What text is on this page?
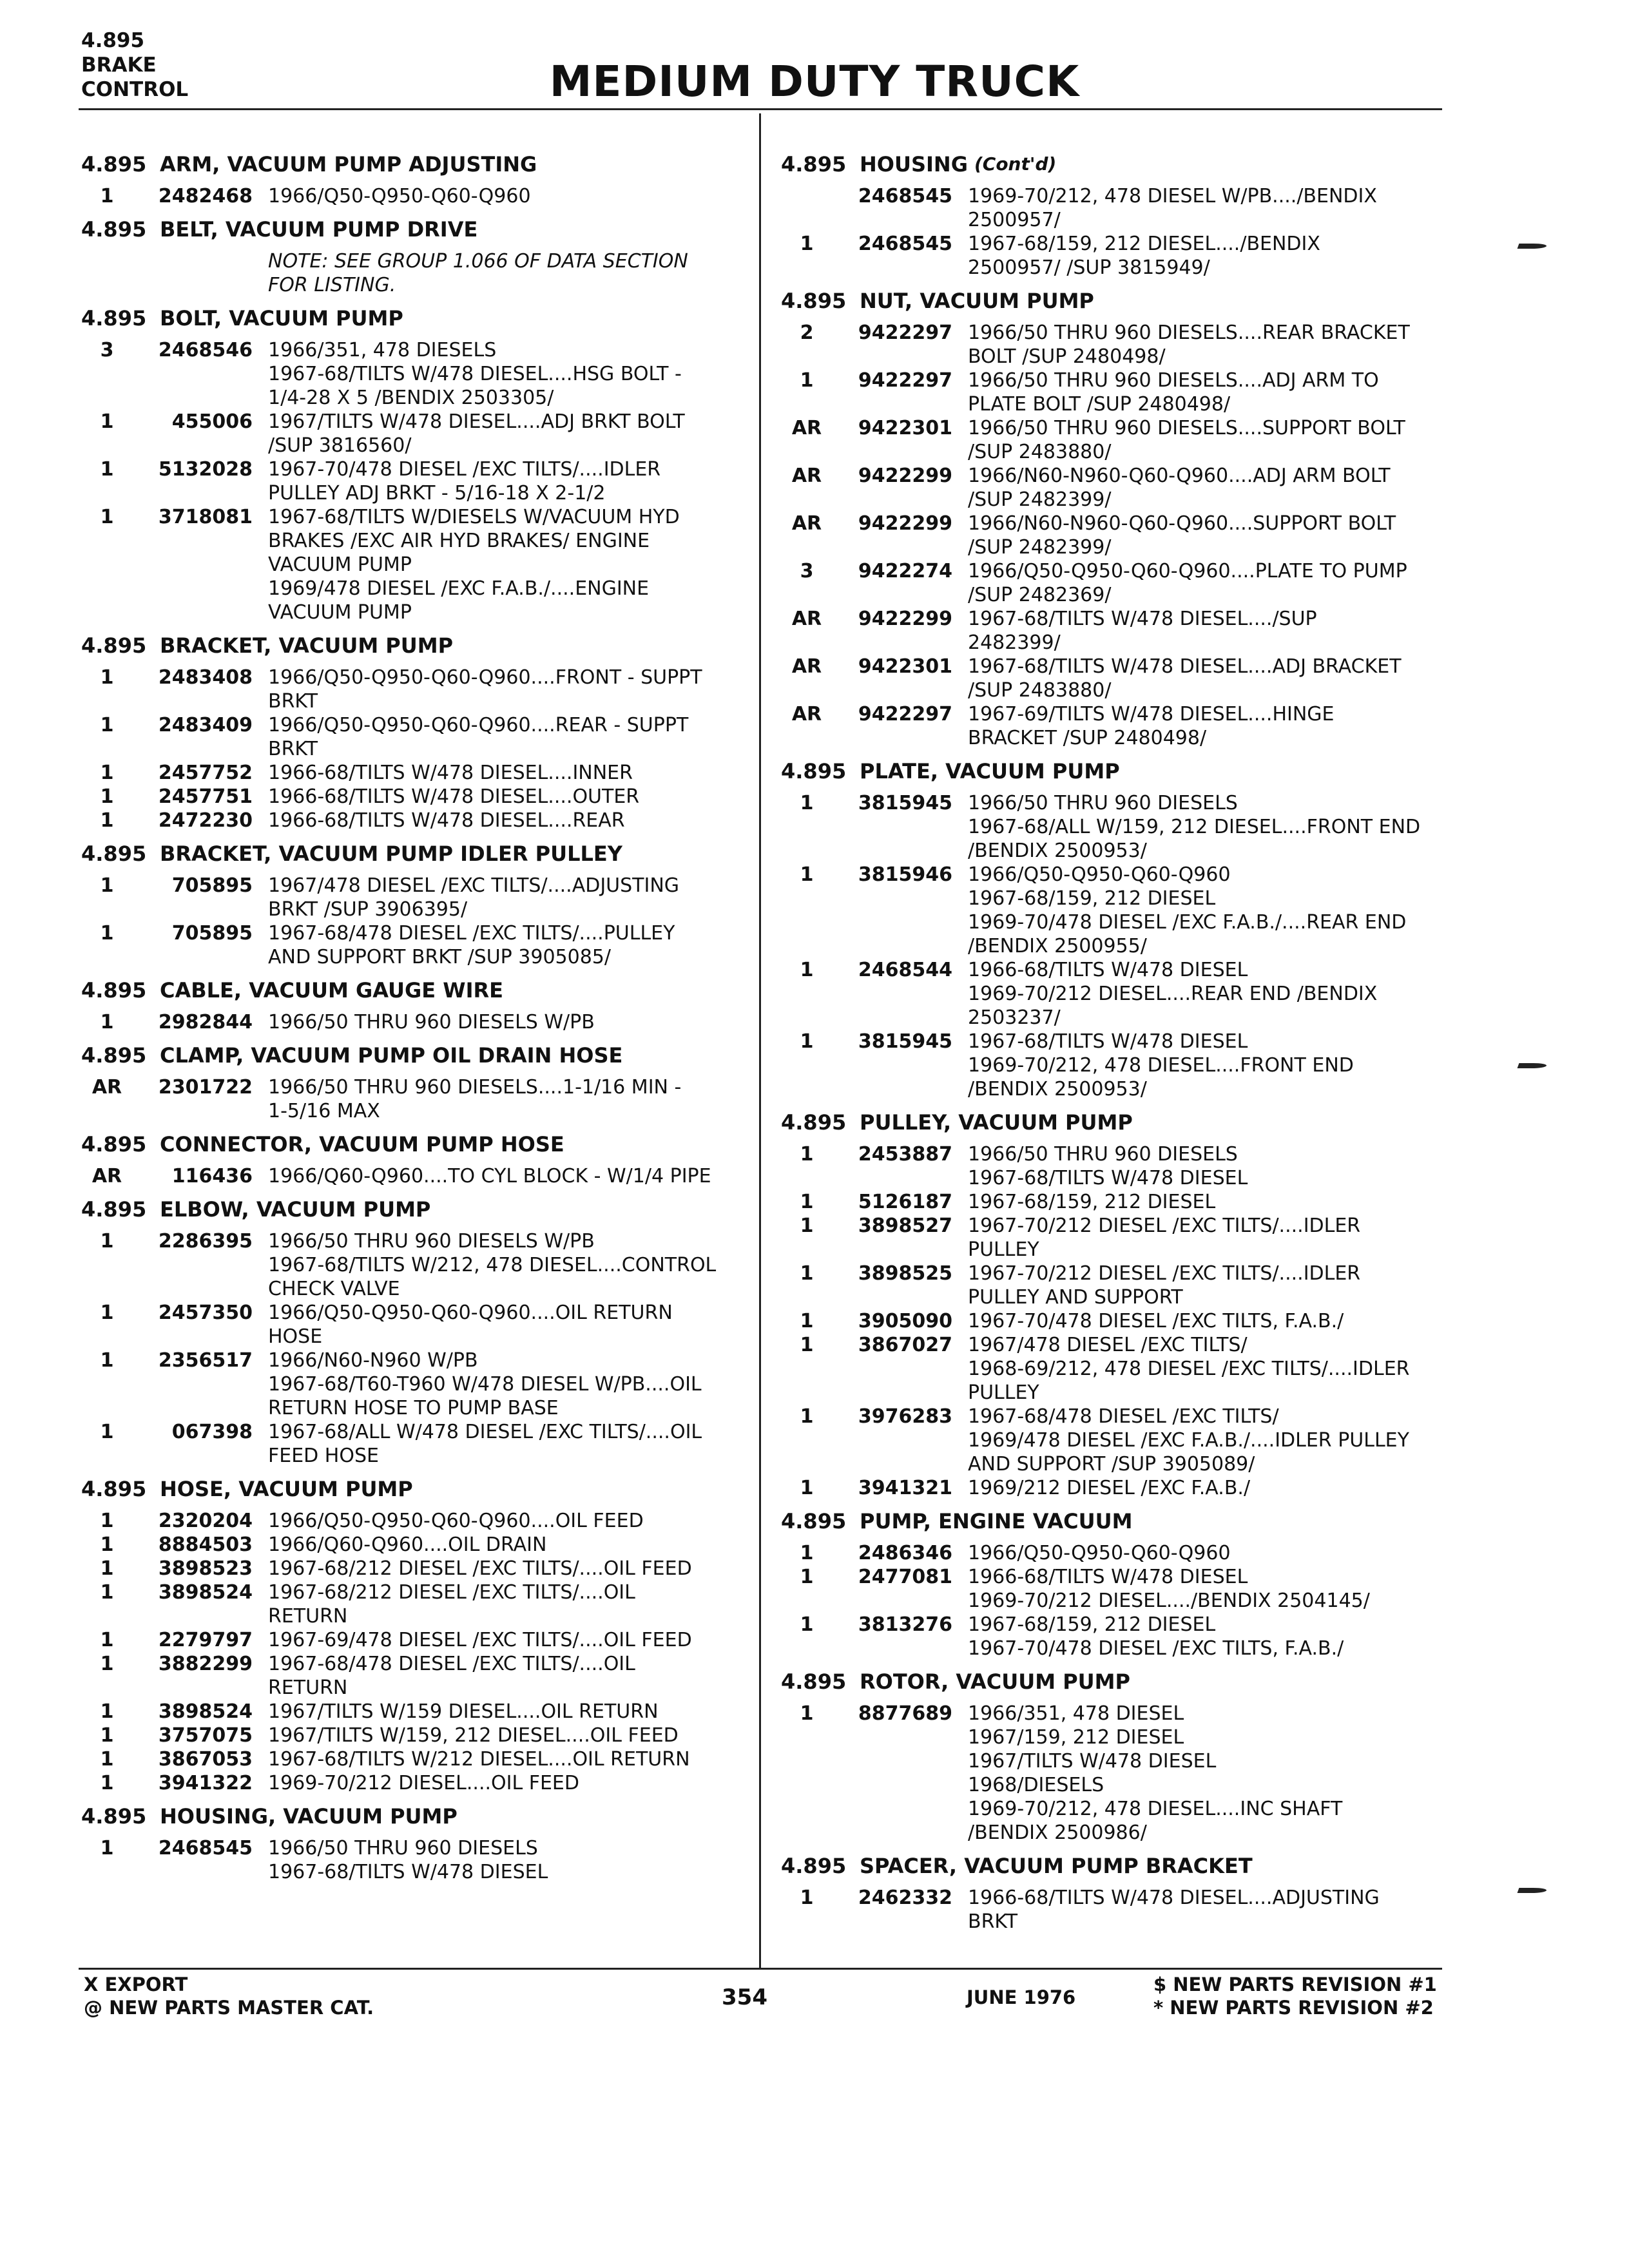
4.895
BRAKE
CONTROL	MEDIUM DUTY TRUCK
4.895 ARM, VACUUM PUMP ADJUSTING
1	2482468 1966/Q50-Q950-Q60-Q960
4.895 BELT, VACUUM PUMP DRIVE
NOTE: SEE GROUP 1.066 OF DATA SECTION
FOR LISTING.
4.895 BOLT, VACUUM PUMP
3	2468546 1966/351, 478 DIESELS
1967-68/TILTS W/478 DIESEL....HSG BOLT -
1/4-28 X 5 /BENDIX 2503305/
1	455006 1967/TILTS W/478 DIESEL....ADJ BRKT BOLT
/SUP 3816560/
1	5132028 1967-70/478 DIESEL /EXC TILTS/....IDLER
PULLEY ADJ BRKT - 5/16-18 X 2-1/2
1	3718081 1967-68/TILTS W/DIESELS W/VACUUM HYD
BRAKES /EXC AIR HYD BRAKES/ ENGINE
VACUUM PUMP
1969/478 DIESEL /EXC F.A.B./....ENGINE
VACUUM PUMP
4.895 BRACKET, VACUUM PUMP
1	2483408 1966/Q50-Q950-Q60-Q960....FRONT - SUPPT
BRKT
1	2483409 1966/Q50-Q950-Q60-Q960....REAR - SUPPT
BRKT
1	2457752 1966-68/TILTS W/478 DIESEL....INNER
1	2457751 1966-68/TILTS W/478 DIESEL....OUTER
1	2472230 1966-68/TILTS W/478 DIESEL....REAR
4.895 BRACKET, VACUUM PUMP IDLER PULLEY
1	705895 1967/478 DIESEL /EXC TILTS/....ADJUSTING
BRKT /SUP 3906395/
1	705895 1967-68/478 DIESEL /EXC TILTS/....PULLEY
AND SUPPORT BRKT /SUP 3905085/
4.895 CABLE, VACUUM GAUGE WIRE
1	2982844 1966/50 THRU 960 DIESELS W/PB
4.895 CLAMP, VACUUM PUMP OIL DRAIN HOSE
AR	2301722 1966/50 THRU 960 DIESELS....1-1/16 MIN -
1-5/16 MAX
4.895 CONNECTOR, VACUUM PUMP HOSE
AR	116436 1966/Q60-Q960....TO CYL BLOCK - W/1/4 PIPE
4.895 ELBOW, VACUUM PUMP
1	2286395 1966/50 THRU 960 DIESELS W/PB
1967-68/TILTS W/212, 478 DIESEL....CONTROL
CHECK VALVE
1	2457350 1966/Q50-Q950-Q60-Q960....OIL RETURN
HOSE
1	2356517 1966/N60-N960 W/PB
1967-68/T60-T960 W/478 DIESEL W/PB....OIL
RETURN HOSE TO PUMP BASE
1	067398 1967-68/ALL W/478 DIESEL /EXC TILTS/....OIL
FEED HOSE
4.895 HOSE, VACUUM PUMP
1	2320204 1966/Q50-Q950-Q60-Q960....OIL FEED
1	8884503 1966/Q60-Q960....OIL DRAIN
1	3898523 1967-68/212 DIESEL /EXC TILTS/....OIL FEED
1	3898524 1967-68/212 DIESEL /EXC TILTS/....OIL
RETURN
1	2279797 1967-69/478 DIESEL /EXC TILTS/....OIL FEED
1	3882299 1967-68/478 DIESEL /EXC TILTS/....OIL
RETURN
1	3898524 1967/TILTS W/159 DIESEL....OIL RETURN
1	3757075 1967/TILTS W/159, 212 DIESEL....OIL FEED
1	3867053 1967-68/TILTS W/212 DIESEL....OIL RETURN
1	3941322 1969-70/212 DIESEL....OIL FEED
4.895 HOUSING, VACUUM PUMP
1	2468545 1966/50 THRU 960 DIESELS
1967-68/TILTS W/478 DIESEL
4.895 HOUSING (Cont'd)
2468545 1969-70/212, 478 DIESEL W/PB..../BENDIX
2500957/
1	2468545 1967-68/159, 212 DIESEL..../BENDIX
2500957/ /SUP 3815949/
4.895 NUT, VACUUM PUMP
2	9422297 1966/50 THRU 960 DIESELS....REAR BRACKET
BOLT /SUP 2480498/
1	9422297 1966/50 THRU 960 DIESELS....ADJ ARM TO
PLATE BOLT /SUP 2480498/
AR	9422301 1966/50 THRU 960 DIESELS....SUPPORT BOLT
/SUP 2483880/
AR	9422299 1966/N60-N960-Q60-Q960....ADJ ARM BOLT
/SUP 2482399/
AR	9422299 1966/N60-N960-Q60-Q960....SUPPORT BOLT
/SUP 2482399/
3	9422274 1966/Q50-Q950-Q60-Q960....PLATE TO PUMP
/SUP 2482369/
AR	9422299 1967-68/TILTS W/478 DIESEL..../SUP
2482399/
AR	9422301 1967-68/TILTS W/478 DIESEL....ADJ BRACKET
/SUP 2483880/
AR	9422297 1967-69/TILTS W/478 DIESEL....HINGE
BRACKET /SUP 2480498/
4.895 PLATE, VACUUM PUMP
1	3815945 1966/50 THRU 960 DIESELS
1967-68/ALL W/159, 212 DIESEL....FRONT END
/BENDIX 2500953/
1	3815946 1966/Q50-Q950-Q60-Q960
1967-68/159, 212 DIESEL
1969-70/478 DIESEL /EXC F.A.B./....REAR END
/BENDIX 2500955/
1	2468544 1966-68/TILTS W/478 DIESEL
1969-70/212 DIESEL....REAR END /BENDIX
2503237/
1	3815945 1967-68/TILTS W/478 DIESEL
1969-70/212, 478 DIESEL....FRONT END
/BENDIX 2500953/
4.895 PULLEY, VACUUM PUMP
1	2453887 1966/50 THRU 960 DIESELS
1967-68/TILTS W/478 DIESEL
1	5126187 1967-68/159, 212 DIESEL
1	3898527 1967-70/212 DIESEL /EXC TILTS/....IDLER
PULLEY
1	3898525 1967-70/212 DIESEL /EXC TILTS/....IDLER
PULLEY AND SUPPORT
1	3905090 1967-70/478 DIESEL /EXC TILTS, F.A.B./
1	3867027 1967/478 DIESEL /EXC TILTS/
1968-69/212, 478 DIESEL /EXC TILTS/....IDLER
PULLEY
1	3976283 1967-68/478 DIESEL /EXC TILTS/
1969/478 DIESEL /EXC F.A.B./....IDLER PULLEY
AND SUPPORT /SUP 3905089/
1	3941321 1969/212 DIESEL /EXC F.A.B./
4.895 PUMP, ENGINE VACUUM
1	2486346 1966/Q50-Q950-Q60-Q960
1	2477081 1966-68/TILTS W/478 DIESEL
1969-70/212 DIESEL..../BENDIX 2504145/
1	3813276 1967-68/159, 212 DIESEL
1967-70/478 DIESEL /EXC TILTS, F.A.B./
4.895 ROTOR, VACUUM PUMP
1	8877689 1966/351, 478 DIESEL
1967/159, 212 DIESEL
1967/TILTS W/478 DIESEL
1968/DIESELS
1969-70/212, 478 DIESEL....INC SHAFT
/BENDIX 2500986/
4.895 SPACER, VACUUM PUMP BRACKET
1	2462332 1966-68/TILTS W/478 DIESEL....ADJUSTING
BRKT
X EXPORT
@ NEW PARTS MASTER CAT.	354	JUNE 1976
$ NEW PARTS REVISION #1
* NEW PARTS REVISION #2
